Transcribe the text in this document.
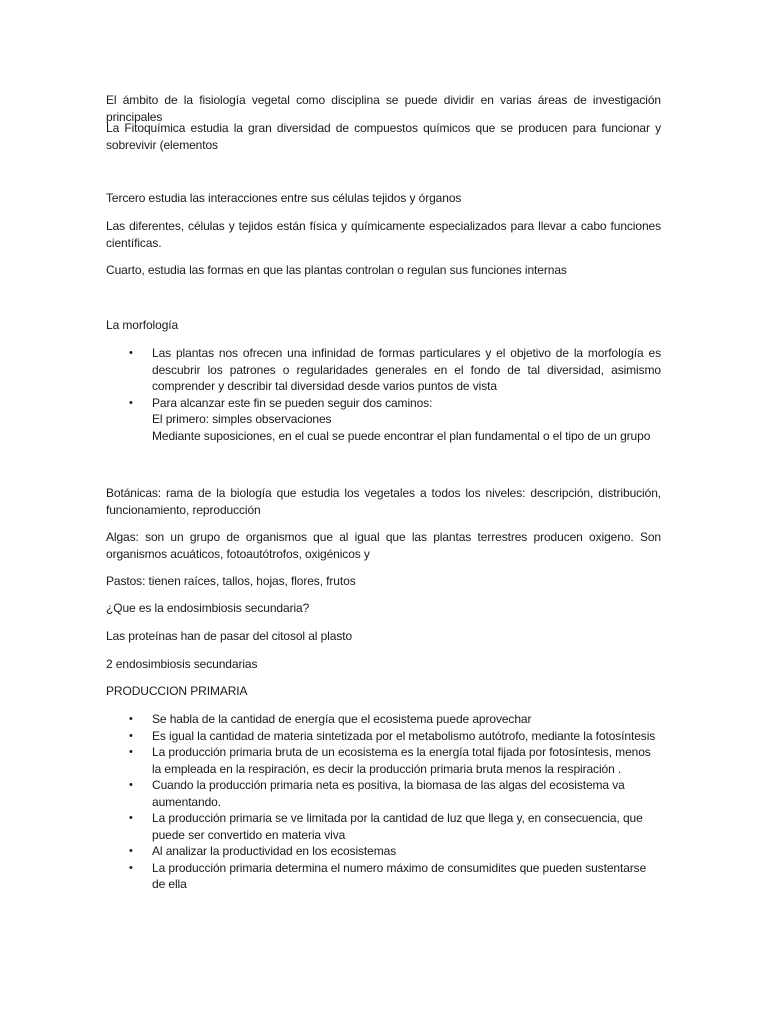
El ámbito de la fisiología vegetal como disciplina se puede dividir en varias áreas de investigación principales

La Fitoquímica estudia la gran diversidad de compuestos químicos que se producen para funcionar y sobrevivir (elementos

Tercero estudia las interacciones entre sus células tejidos y órganos

Las diferentes, células y tejidos están física y químicamente especializados para llevar a cabo funciones científicas.

Cuarto, estudia las formas en que las plantas controlan o regulan sus funciones internas

La morfología

• Las plantas nos ofrecen una infinidad de formas particulares y el objetivo de la morfología es descubrir los patrones o regularidades generales en el fondo de tal diversidad, asimismo comprender y describir tal diversidad desde varios puntos de vista
• Para alcanzar este fin se pueden seguir dos caminos:
El primero: simples observaciones
Mediante suposiciones, en el cual se puede encontrar el plan fundamental o el tipo de un grupo

Botánicas: rama de la biología que estudia los vegetales a todos los niveles: descripción, distribución, funcionamiento, reproducción

Algas: son un grupo de organismos que al igual que las plantas terrestres producen oxigeno. Son organismos acuáticos, fotoautótrofos, oxigénicos y

Pastos: tienen raíces, tallos, hojas, flores, frutos

¿Que es la endosimbiosis secundaria?

Las proteínas han de pasar del citosol al plasto

2 endosimbiosis secundarias

PRODUCCION PRIMARIA

• Se habla de la cantidad de energía que el ecosistema puede aprovechar
• Es igual la cantidad de materia sintetizada por el metabolismo autótrofo, mediante la fotosíntesis
• La producción primaria bruta de un ecosistema es la energía total fijada por fotosíntesis, menos la empleada en la respiración, es decir la producción primaria bruta menos la respiración .
• Cuando la producción primaria neta es positiva, la biomasa de las algas del ecosistema va aumentando.
• La producción primaria se ve limitada por la cantidad de luz que llega y, en consecuencia, que puede ser convertido en materia viva
• Al analizar la productividad en los ecosistemas
• La producción primaria determina el numero máximo de consumidites que pueden sustentarse de ella
